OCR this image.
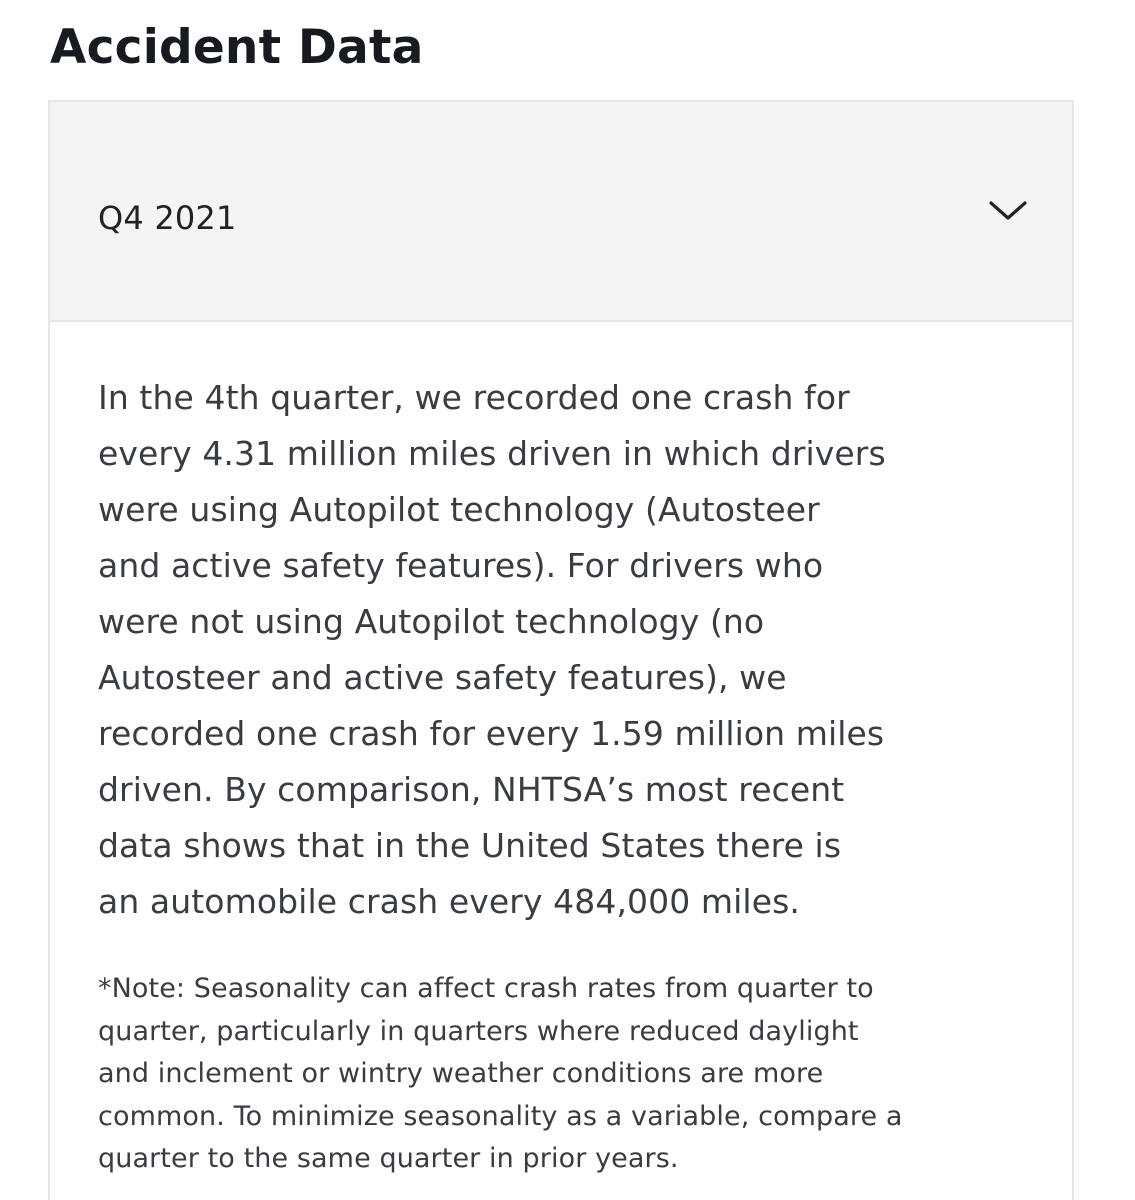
Accident Data
Q4 2021

In the 4th quarter, we recorded one crash for
every 4.31 million miles driven in which drivers
were using Autopilot technology (Autosteer
and active safety features). For drivers who
were not using Autopilot technology (no
Autosteer and active safety features), we
recorded one crash for every 1.59 million miles
driven. By comparison, NHTSA’s most recent
data shows that in the United States there is
an automobile crash every 484,000 miles.

*Note: Seasonality can affect crash rates from quarter to
quarter, particularly in quarters where reduced daylight
and inclement or wintry weather conditions are more
common. To minimize seasonality as a variable, compare a
quarter to the same quarter in prior years.
